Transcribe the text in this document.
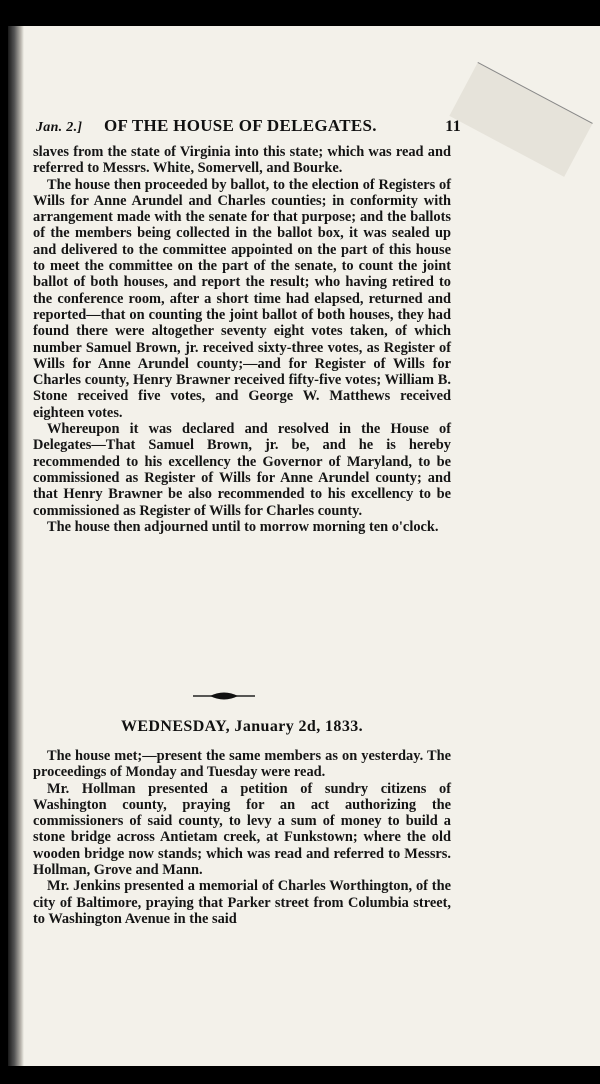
Jan. 2.]	OF THE HOUSE OF DELEGATES.	11

slaves from the state of Virginia into this state; which was read and referred to Messrs. White, Somervell, and Bourke.

The house then proceeded by ballot, to the election of Registers of Wills for Anne Arundel and Charles counties; in conformity with arrangement made with the senate for that purpose; and the ballots of the members being collected in the ballot box, it was sealed up and delivered to the committee appointed on the part of this house to meet the committee on the part of the senate, to count the joint ballot of both houses, and report the result; who having retired to the conference room, after a short time had elapsed, returned and reported—that on counting the joint ballot of both houses, they had found there were altogether seventy eight votes taken, of which number Samuel Brown, jr. received sixty-three votes, as Register of Wills for Anne Arundel county;—and for Register of Wills for Charles county, Henry Brawner received fifty-five votes; William B. Stone received five votes, and George W. Matthews received eighteen votes.

Whereupon it was declared and resolved in the House of Delegates—That Samuel Brown, jr. be, and he is hereby recommended to his excellency the Governor of Maryland, to be commissioned as Register of Wills for Anne Arundel county; and that Henry Brawner be also recommended to his excellency to be commissioned as Register of Wills for Charles county.

The house then adjourned until to morrow morning ten o'clock.

WEDNESDAY, January 2d, 1833.

The house met;—present the same members as on yesterday. The proceedings of Monday and Tuesday were read.

Mr. Hollman presented a petition of sundry citizens of Washington county, praying for an act authorizing the commissioners of said county, to levy a sum of money to build a stone bridge across Antietam creek, at Funkstown; where the old wooden bridge now stands; which was read and referred to Messrs. Hollman, Grove and Mann.

Mr. Jenkins presented a memorial of Charles Worthington, of the city of Baltimore, praying that Parker street from Columbia street, to Washington Avenue in the said
